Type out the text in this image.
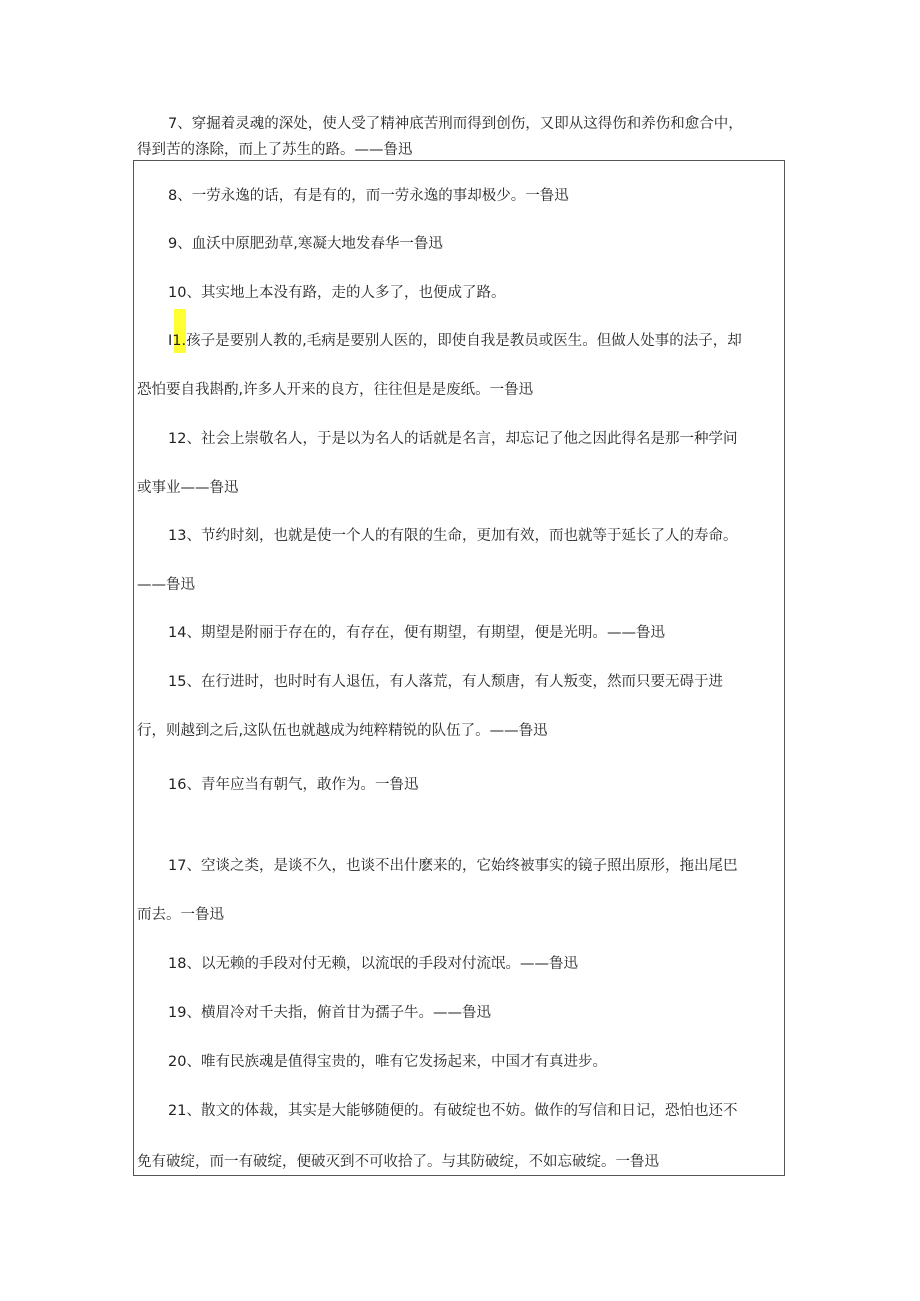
7、穿掘着灵魂的深处，使人受了精神底苦刑而得到创伤，又即从这得伤和养伤和愈合中，
得到苦的涤除，而上了苏生的路。——鲁迅
8、一劳永逸的话，有是有的，而一劳永逸的事却极少。一鲁迅
9、血沃中原肥劲草,寒凝大地发春华一鲁迅
10、其实地上本没有路，走的人多了，也便成了路。
I1.孩子是要别人教的,毛病是要别人医的，即使自我是教员或医生。但做人处事的法子，却
恐怕要自我斟酌,许多人开来的良方，往往但是是废纸。一鲁迅
12、社会上崇敬名人，于是以为名人的话就是名言，却忘记了他之因此得名是那一种学问
或事业——鲁迅
13、节约时刻，也就是使一个人的有限的生命，更加有效，而也就等于延长了人的寿命。
——鲁迅
14、期望是附丽于存在的，有存在，便有期望，有期望，便是光明。——鲁迅
15、在行进时，也时时有人退伍，有人落荒，有人颓唐，有人叛变，然而只要无碍于进
行，则越到之后,这队伍也就越成为纯粹精锐的队伍了。——鲁迅
16、青年应当有朝气，敢作为。一鲁迅
17、空谈之类，是谈不久，也谈不出什麽来的，它始终被事实的镜子照出原形，拖出尾巴
而去。一鲁迅
18、以无赖的手段对付无赖，以流氓的手段对付流氓。——鲁迅
19、横眉冷对千夫指，俯首甘为孺子牛。——鲁迅
20、唯有民族魂是值得宝贵的，唯有它发扬起来，中国才有真进步。
21、散文的体裁，其实是大能够随便的。有破绽也不妨。做作的写信和日记，恐怕也还不
免有破绽，而一有破绽，便破灭到不可收拾了。与其防破绽，不如忘破绽。一鲁迅
